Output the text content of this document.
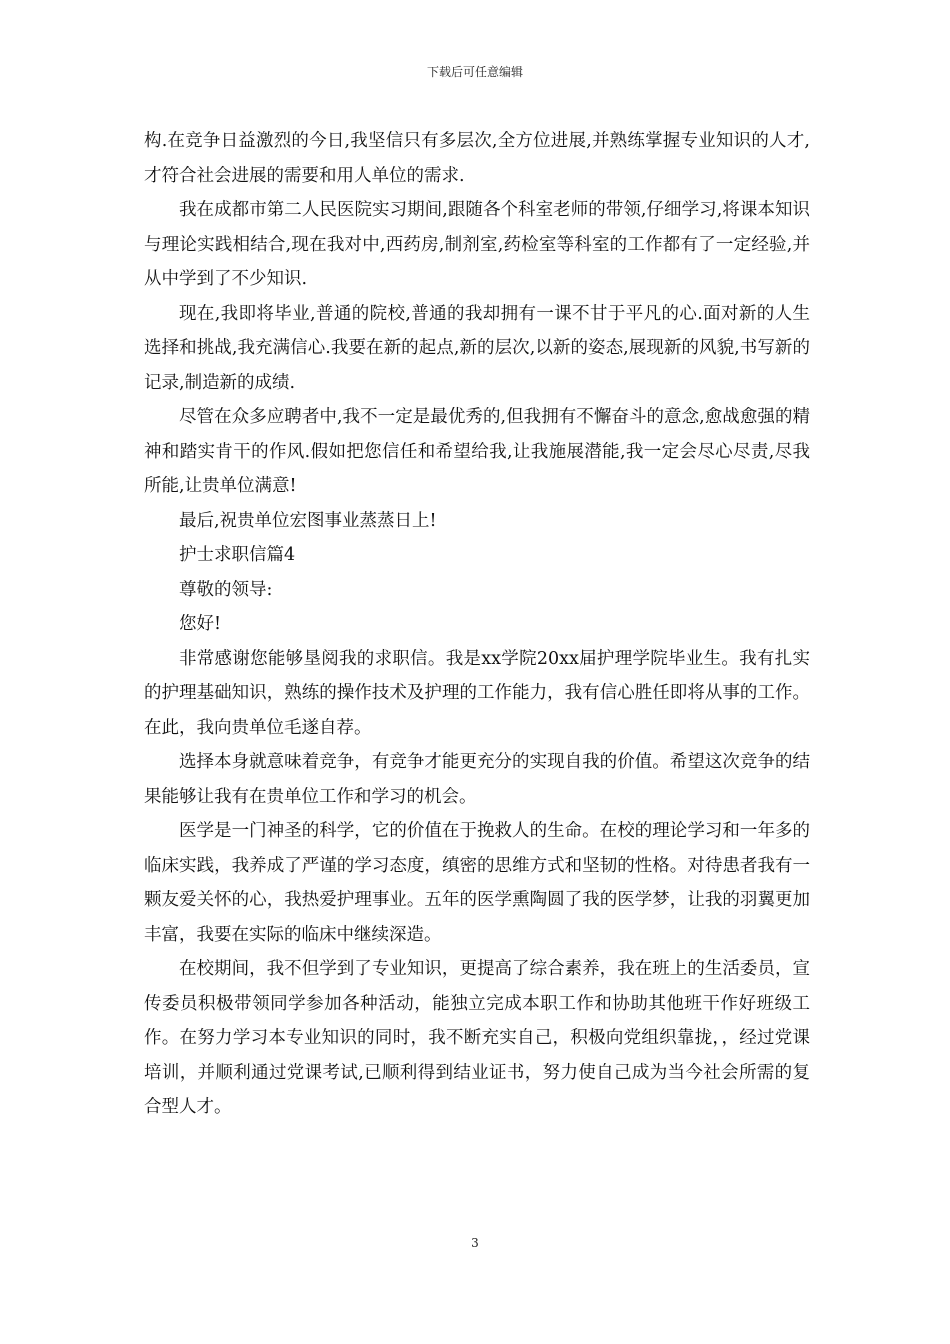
下载后可任意编辑

构.在竞争日益激烈的今日,我坚信只有多层次,全方位进展,并熟练掌握专业知识的人才,才符合社会进展的需要和用人单位的需求.

我在成都市第二人民医院实习期间,跟随各个科室老师的带领,仔细学习,将课本知识与理论实践相结合,现在我对中,西药房,制剂室,药检室等科室的工作都有了一定经验,并从中学到了不少知识.

现在,我即将毕业,普通的院校,普通的我却拥有一课不甘于平凡的心.面对新的人生选择和挑战,我充满信心.我要在新的起点,新的层次,以新的姿态,展现新的风貌,书写新的记录,制造新的成绩.

尽管在众多应聘者中,我不一定是最优秀的,但我拥有不懈奋斗的意念,愈战愈强的精神和踏实肯干的作风.假如把您信任和希望给我,让我施展潜能,我一定会尽心尽责,尽我所能,让贵单位满意!

最后,祝贵单位宏图事业蒸蒸日上!

护士求职信篇4

尊敬的领导:

您好!

非常感谢您能够垦阅我的求职信。我是xx学院20xx届护理学院毕业生。我有扎实的护理基础知识，熟练的操作技术及护理的工作能力，我有信心胜任即将从事的工作。在此，我向贵单位毛遂自荐。

选择本身就意味着竞争，有竞争才能更充分的实现自我的价值。希望这次竞争的结果能够让我有在贵单位工作和学习的机会。

医学是一门神圣的科学，它的价值在于挽救人的生命。在校的理论学习和一年多的临床实践，我养成了严谨的学习态度，缜密的思维方式和坚韧的性格。对待患者我有一颗友爱关怀的心，我热爱护理事业。五年的医学熏陶圆了我的医学梦，让我的羽翼更加丰富，我要在实际的临床中继续深造。

在校期间，我不但学到了专业知识，更提高了综合素养，我在班上的生活委员，宣传委员积极带领同学参加各种活动，能独立完成本职工作和协助其他班干作好班级工作。在努力学习本专业知识的同时，我不断充实自己，积极向党组织靠拢，，经过党课培训，并顺利通过党课考试,已顺利得到结业证书，努力使自己成为当今社会所需的复合型人才。

3
